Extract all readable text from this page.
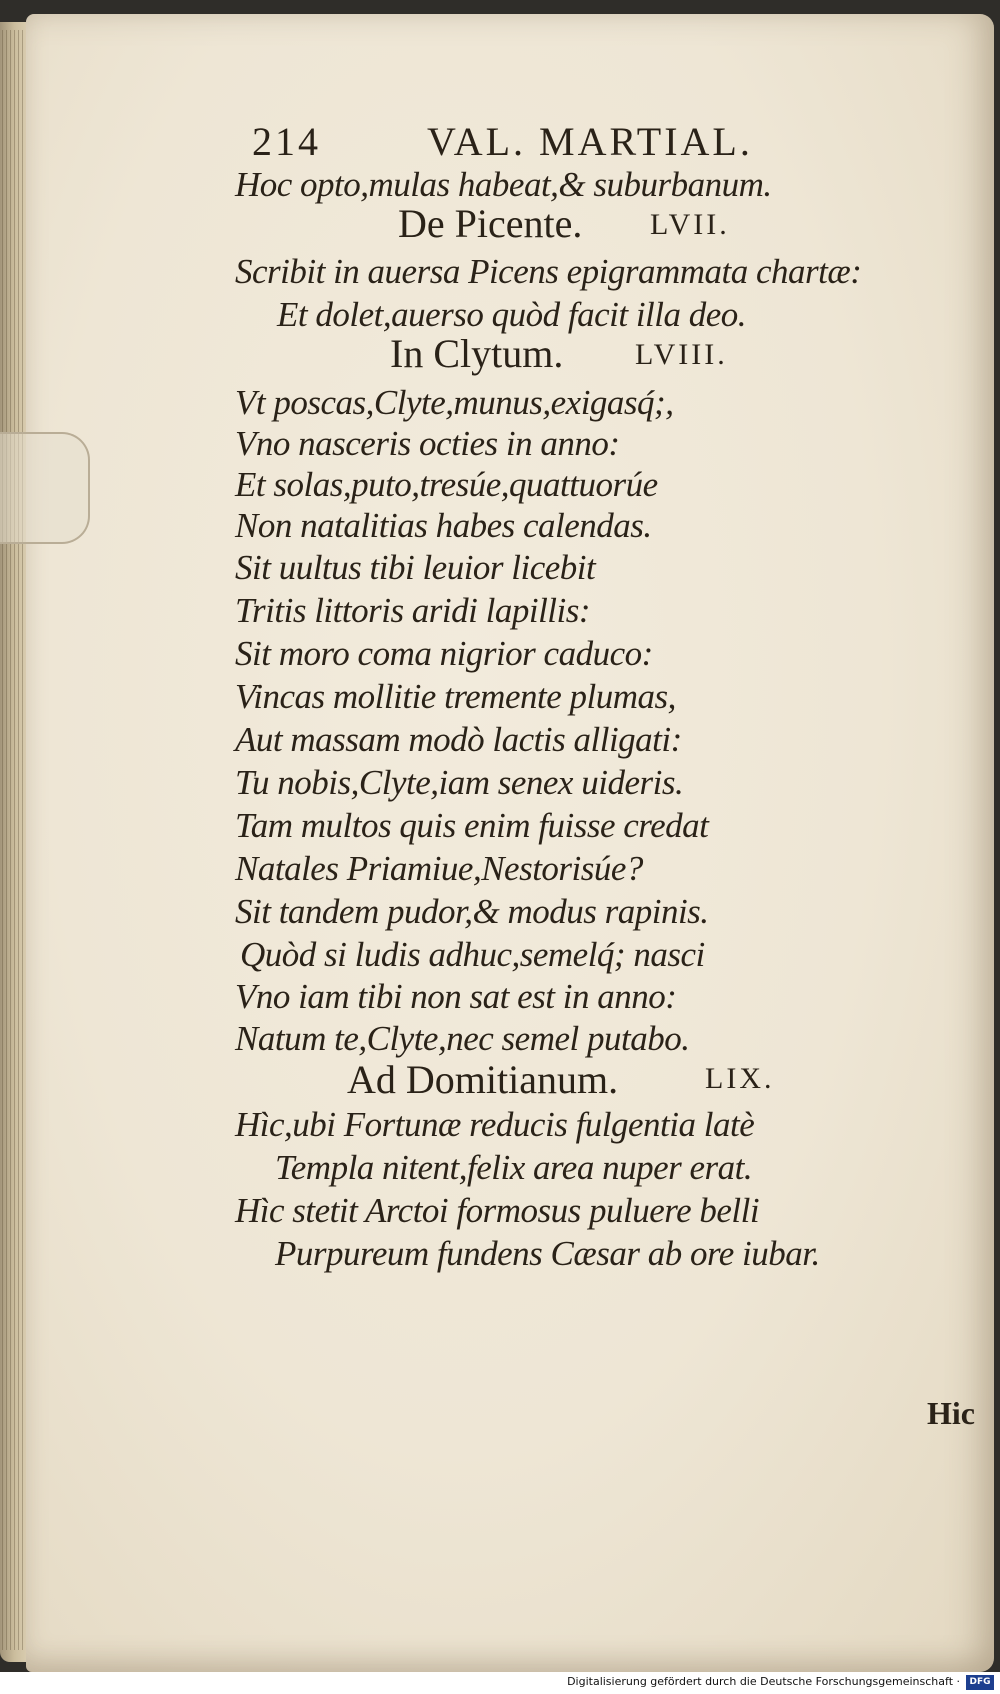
214	VAL. MARTIAL.
Hoc opto,mulas habeat,& suburbanum.
De Picente. LVII.
Scribit in auersa Picens epigrammata chartæ:
Et dolet,auerso quòd facit illa deo.
In Clytum. LVIII.
Vt poscas,Clyte,munus,exigasq́;,
Vno nasceris octies in anno:
Et solas,puto,tresúe,quattuorúe
Non natalitias habes calendas.
Sit uultus tibi leuior licebit
Tritis littoris aridi lapillis:
Sit moro coma nigrior caduco:
Vincas mollitie tremente plumas,
Aut massam modò lactis alligati:
Tu nobis,Clyte,iam senex uideris.
Tam multos quis enim fuisse credat
Natales Priamiue,Nestorisúe?
Sit tandem pudor,& modus rapinis.
Quòd si ludis adhuc,semelq́; nasci
Vno iam tibi non sat est in anno:
Natum te,Clyte,nec semel putabo.
Ad Domitianum.	LIX.
Hìc,ubi Fortunæ reducis fulgentia latè
Templa nitent,felix area nuper erat.
Hìc stetit Arctoi formosus puluere belli
Purpureum fundens Cæsar ab ore iubar.
Hic
Digitalisierung gefördert durch die Deutsche Forschungsgemeinschaft ·	DFG
